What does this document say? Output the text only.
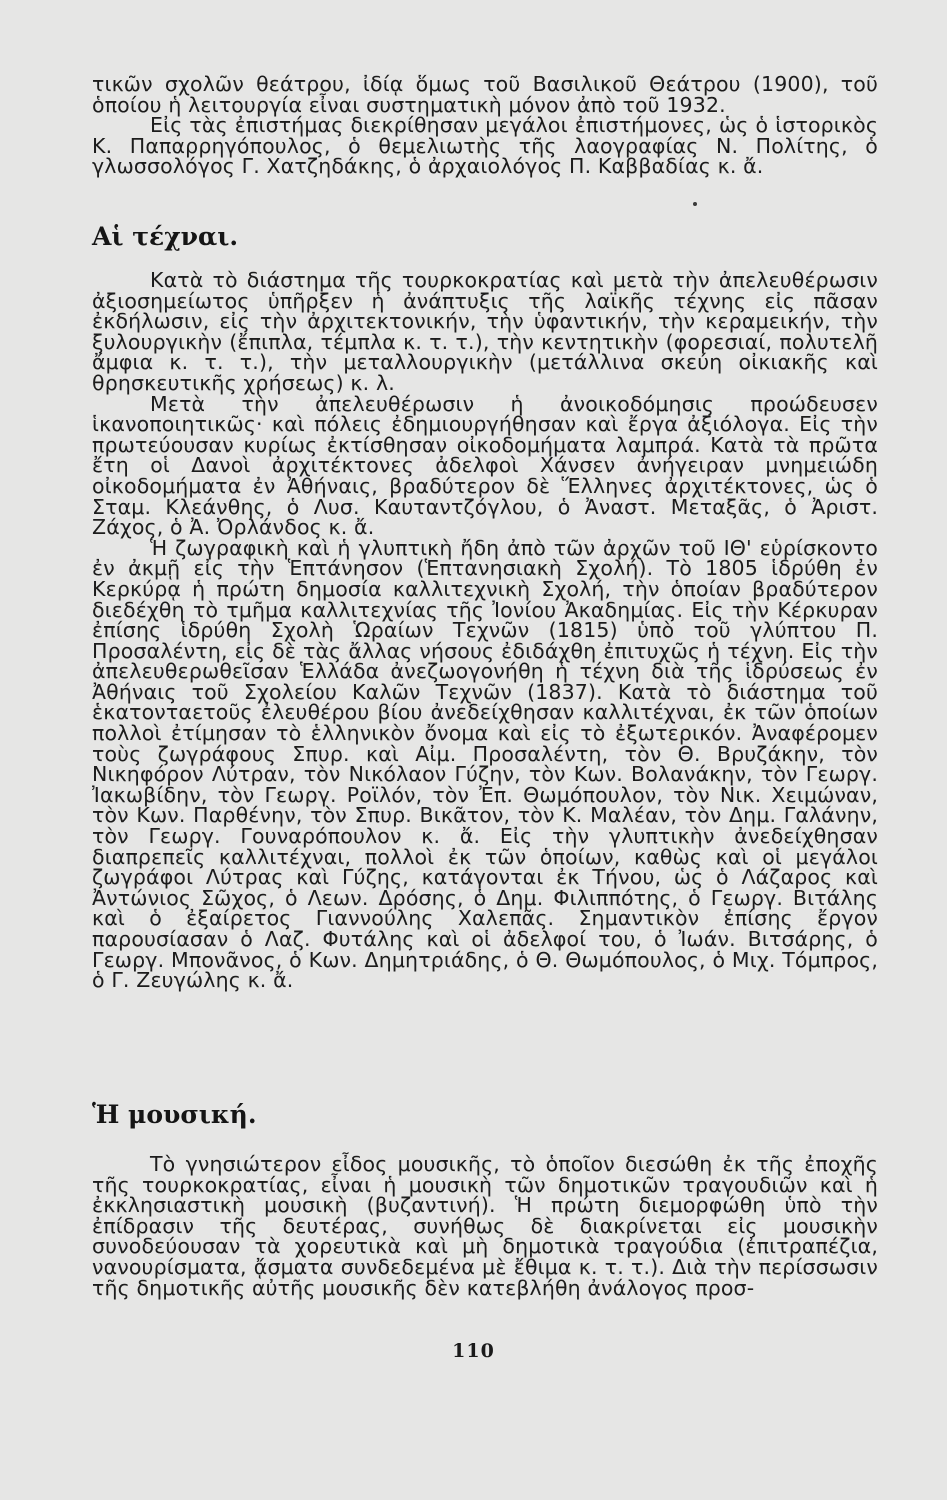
τικῶν σχολῶν θεάτρου, ἰδίᾳ ὅμως τοῦ Βασιλικοῦ Θεάτρου (1900), τοῦ ὁποίου ἡ λειτουργία εἶναι συστηματικὴ μόνον ἀπὸ τοῦ 1932.

Εἰς τὰς ἐπιστήμας διεκρίθησαν μεγάλοι ἐπιστήμονες, ὡς ὁ ἱστορικὸς Κ. Παπαρρηγόπουλος, ὁ θεμελιωτὴς τῆς λαογραφίας Ν. Πολίτης, ὁ γλωσσολόγος Γ. Χατζηδάκης, ὁ ἀρχαιολόγος Π. Καββαδίας κ. ἄ.

Αἱ τέχναι.

Κατὰ τὸ διάστημα τῆς τουρκοκρατίας καὶ μετὰ τὴν ἀπελευθέρωσιν ἀξιοσημείωτος ὑπῆρξεν ἡ ἀνάπτυξις τῆς λαϊκῆς τέχνης εἰς πᾶσαν ἐκδήλωσιν, εἰς τὴν ἀρχιτεκτονικήν, τὴν ὑφαντικήν, τὴν κεραμεικήν, τὴν ξυλουργικὴν (ἔπιπλα, τέμπλα κ. τ. τ.), τὴν κεντητικὴν (φορεσιαί, πολυτελῆ ἄμφια κ. τ. τ.), τὴν μεταλλουργικὴν (μετάλλινα σκεύη οἰκιακῆς καὶ θρησκευτικῆς χρήσεως) κ. λ.

Μετὰ τὴν ἀπελευθέρωσιν ἡ ἀνοικοδόμησις προώδευσεν ἱκανοποιητικῶς· καὶ πόλεις ἐδημιουργήθησαν καὶ ἔργα ἀξιόλογα. Εἰς τὴν πρωτεύουσαν κυρίως ἐκτίσθησαν οἰκοδομήματα λαμπρά. Κατὰ τὰ πρῶτα ἔτη οἱ Δανοὶ ἀρχιτέκτονες ἀδελφοὶ Χάνσεν ἀνήγειραν μνημειώδη οἰκοδομήματα ἐν Ἀθήναις, βραδύτερον δὲ Ἕλληνες ἀρχιτέκτονες, ὡς ὁ Σταμ. Κλεάνθης, ὁ Λυσ. Καυταντζόγλου, ὁ Ἀναστ. Μεταξᾶς, ὁ Ἀριστ. Ζάχος, ὁ Ἀ. Ὀρλάνδος κ. ἄ.

Ἡ ζωγραφικὴ καὶ ἡ γλυπτικὴ ἤδη ἀπὸ τῶν ἀρχῶν τοῦ ΙΘ' εὑρίσκοντο ἐν ἀκμῇ εἰς τὴν Ἑπτάνησον (Ἑπτανησιακὴ Σχολή). Τὸ 1805 ἱδρύθη ἐν Κερκύρᾳ ἡ πρώτη δημοσία καλλιτεχνικὴ Σχολή, τὴν ὁποίαν βραδύτερον διεδέχθη τὸ τμῆμα καλλιτεχνίας τῆς Ἰονίου Ἀκαδημίας. Εἰς τὴν Κέρκυραν ἐπίσης ἱδρύθη Σχολὴ Ὡραίων Τεχνῶν (1815) ὑπὸ τοῦ γλύπτου Π. Προσαλέντη, εἰς δὲ τὰς ἄλλας νήσους ἐδιδάχθη ἐπιτυχῶς ἡ τέχνη. Εἰς τὴν ἀπελευθερωθεῖσαν Ἑλλάδα ἀνεζωογονήθη ἡ τέχνη διὰ τῆς ἱδρύσεως ἐν Ἀθήναις τοῦ Σχολείου Καλῶν Τεχνῶν (1837). Κατὰ τὸ διάστημα τοῦ ἑκατονταετοῦς ἐλευθέρου βίου ἀνεδείχθησαν καλλιτέχναι, ἐκ τῶν ὁποίων πολλοὶ ἐτίμησαν τὸ ἑλληνικὸν ὄνομα καὶ εἰς τὸ ἐξωτερικόν. Ἀναφέρομεν τοὺς ζωγράφους Σπυρ. καὶ Αἰμ. Προσαλέντη, τὸν Θ. Βρυζάκην, τὸν Νικηφόρον Λύτραν, τὸν Νικόλαον Γύζην, τὸν Κων. Βολανάκην, τὸν Γεωργ. Ἰακωβίδην, τὸν Γεωργ. Ροϊλόν, τὸν Ἐπ. Θωμόπουλον, τὸν Νικ. Χειμώναν, τὸν Κων. Παρθένην, τὸν Σπυρ. Βικᾶτον, τὸν Κ. Μαλέαν, τὸν Δημ. Γαλάνην, τὸν Γεωργ. Γουναρόπουλον κ. ἄ. Εἰς τὴν γλυπτικὴν ἀνεδείχθησαν διαπρεπεῖς καλλιτέχναι, πολλοὶ ἐκ τῶν ὁποίων, καθὼς καὶ οἱ μεγάλοι ζωγράφοι Λύτρας καὶ Γύζης, κατάγονται ἐκ Τήνου, ὡς ὁ Λάζαρος καὶ Ἀντώνιος Σῶχος, ὁ Λεων. Δρόσης, ὁ Δημ. Φιλιππότης, ὁ Γεωργ. Βιτάλης καὶ ὁ ἐξαίρετος Γιαννούλης Χαλεπᾶς. Σημαντικὸν ἐπίσης ἔργον παρουσίασαν ὁ Λαζ. Φυτάλης καὶ οἱ ἀδελφοί του, ὁ Ἰωάν. Βιτσάρης, ὁ Γεωργ. Μπονᾶνος, ὁ Κων. Δημητριάδης, ὁ Θ. Θωμόπουλος, ὁ Μιχ. Τόμπρος, ὁ Γ. Ζευγώλης κ. ἄ.

Ἡ μουσική.

Τὸ γνησιώτερον εἶδος μουσικῆς, τὸ ὁποῖον διεσώθη ἐκ τῆς ἐποχῆς τῆς τουρκοκρατίας, εἶναι ἡ μουσικὴ τῶν δημοτικῶν τραγουδιῶν καὶ ἡ ἐκκλησιαστικὴ μουσικὴ (βυζαντινή). Ἡ πρώτη διεμορφώθη ὑπὸ τὴν ἐπίδρασιν τῆς δευτέρας, συνήθως δὲ διακρίνεται εἰς μουσικὴν συνοδεύουσαν τὰ χορευτικὰ καὶ μὴ δημοτικὰ τραγούδια (ἐπιτραπέζια, νανουρίσματα, ᾄσματα συνδεδεμένα μὲ ἔθιμα κ. τ. τ.). Διὰ τὴν περίσσωσιν τῆς δημοτικῆς αὐτῆς μουσικῆς δὲν κατεβλήθη ἀνάλογος προσ-

110
